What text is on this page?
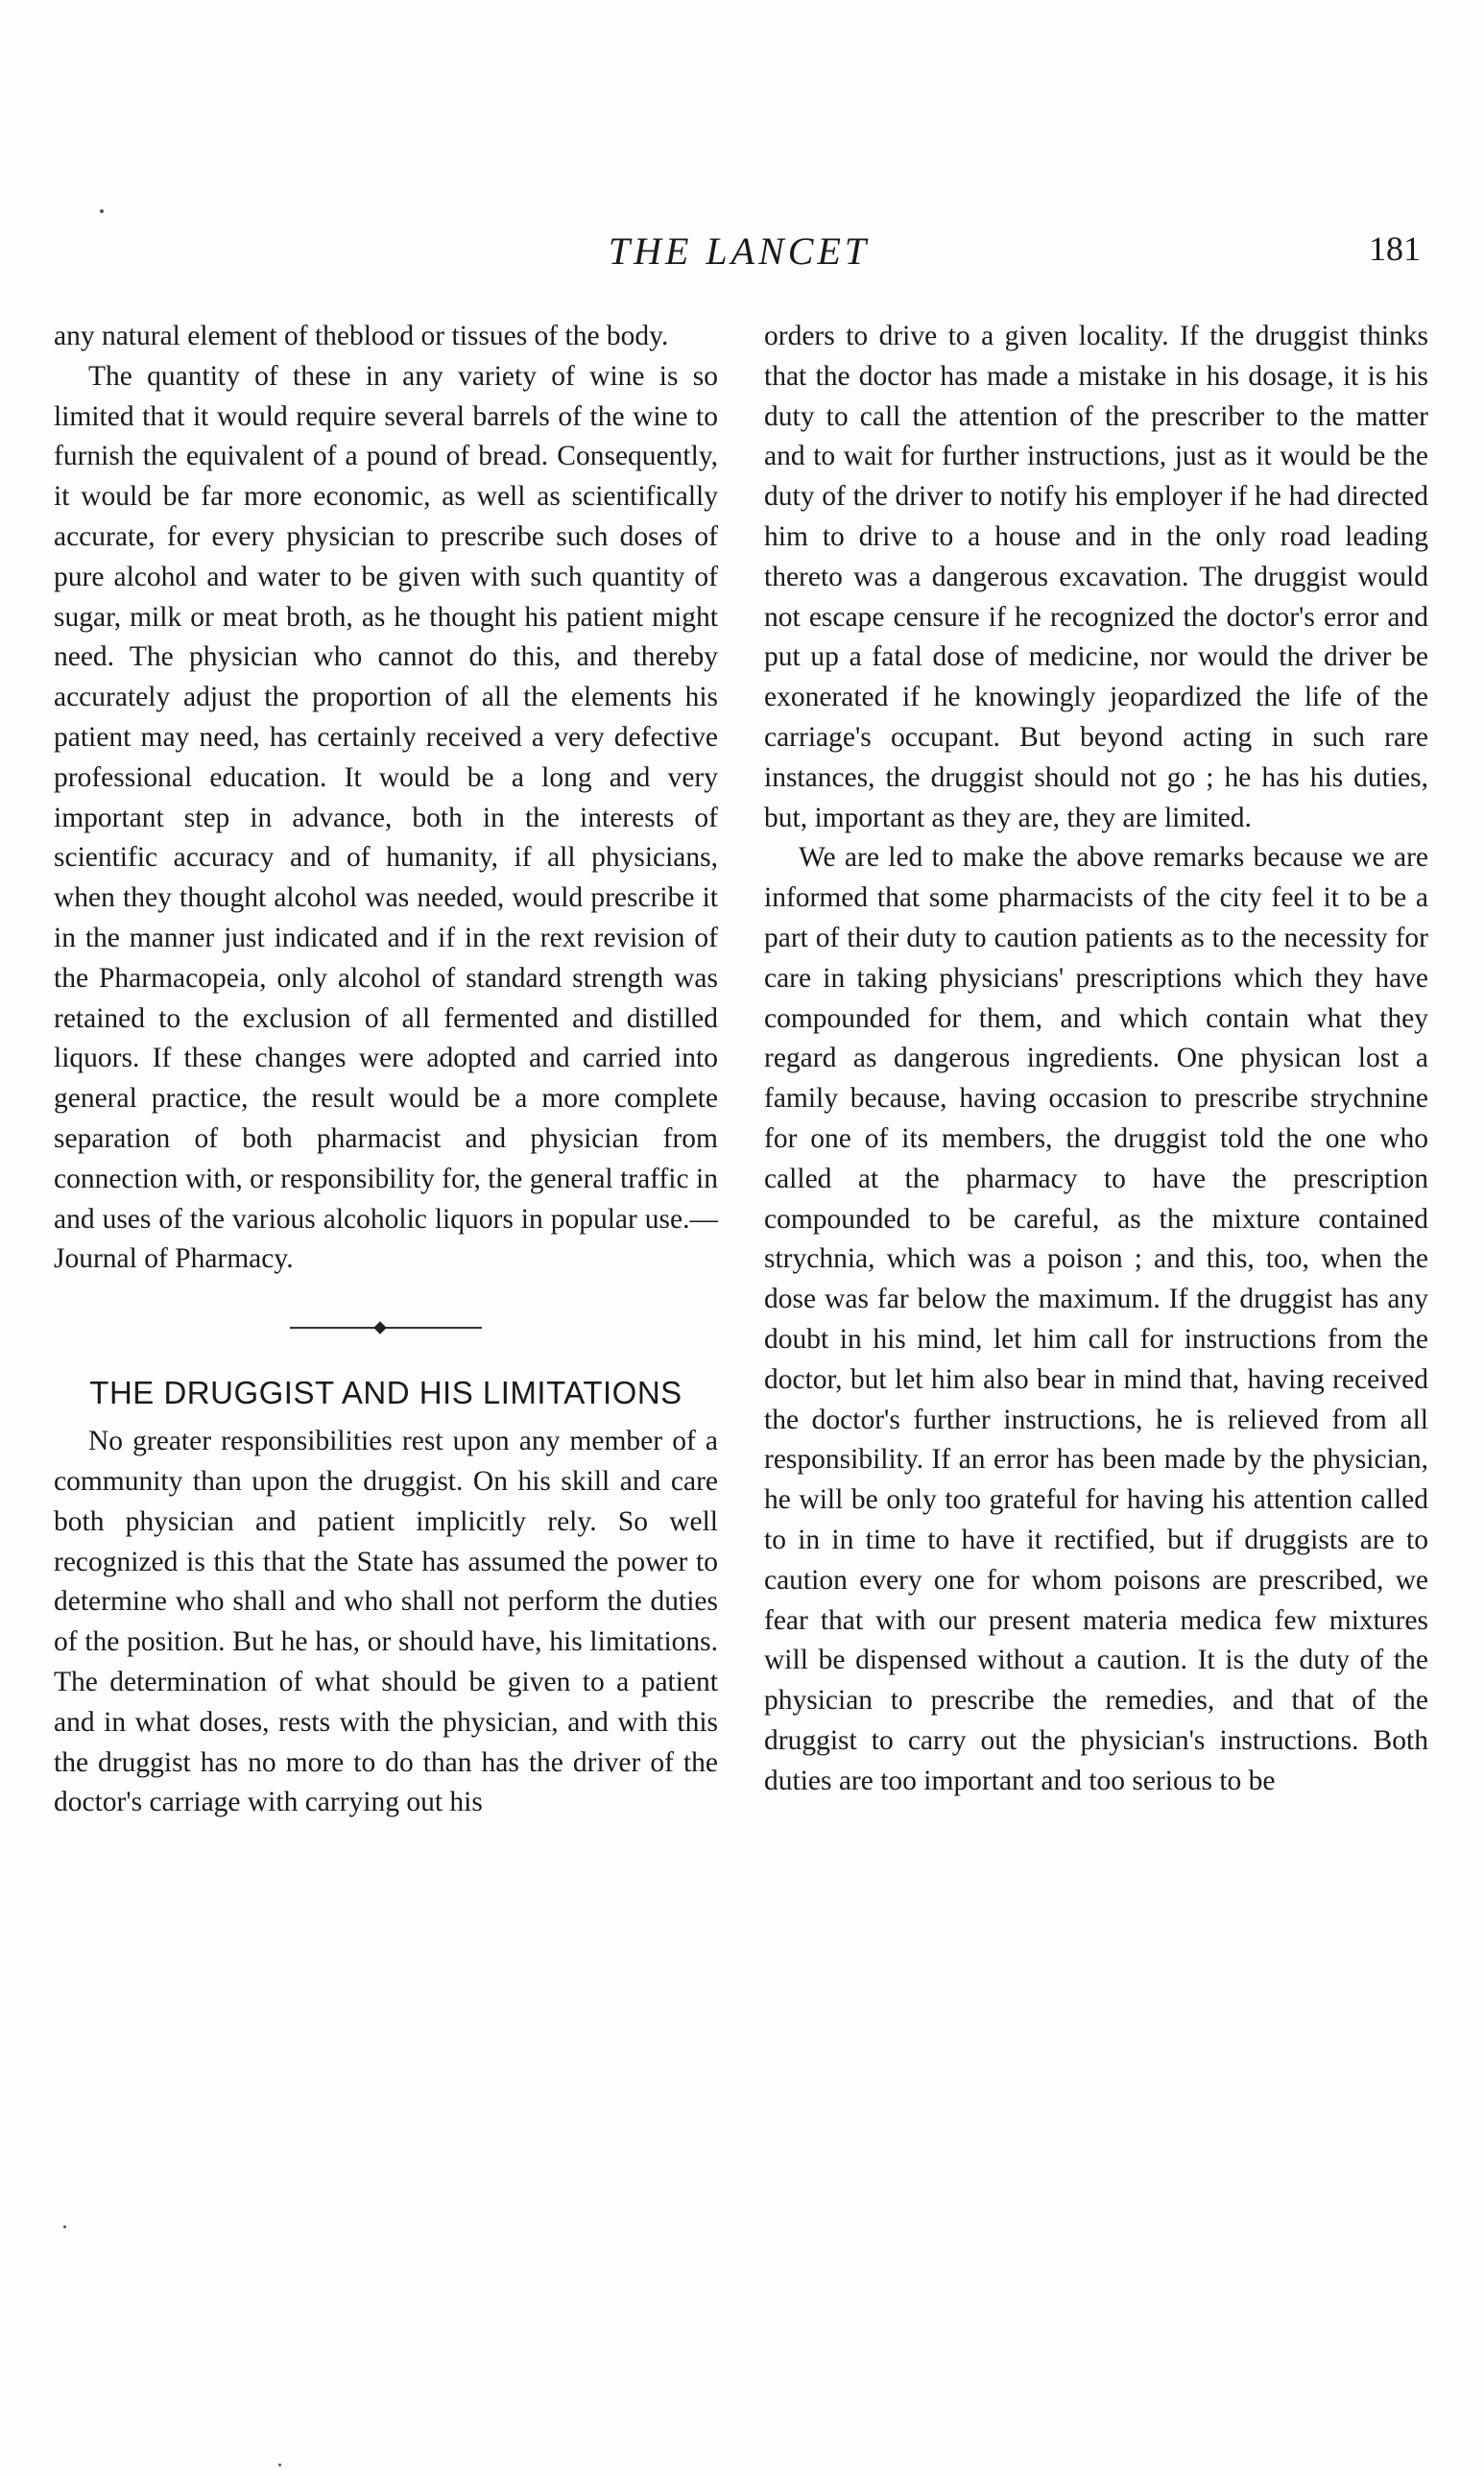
THE LANCET	181

any natural element of theblood or tissues of the body.

The quantity of these in any variety of wine is so limited that it would require several barrels of the wine to furnish the equivalent of a pound of bread. Consequently, it would be far more economic, as well as scientifically accurate, for every physician to prescribe such doses of pure alcohol and water to be given with such quantity of sugar, milk or meat broth, as he thought his patient might need. The physician who cannot do this, and thereby accurately adjust the proportion of all the elements his patient may need, has certainly received a very defective professional education. It would be a long and very important step in advance, both in the interests of scientific accuracy and of humanity, if all physicians, when they thought alcohol was needed, would prescribe it in the manner just indicated and if in the rext revision of the Pharmacopeia, only alcohol of standard strength was retained to the exclusion of all fermented and distilled liquors. If these changes were adopted and carried into general practice, the result would be a more complete separation of both pharmacist and physician from connection with, or responsibility for, the general traffic in and uses of the various alcoholic liquors in popular use.—Journal of Pharmacy.

THE DRUGGIST AND HIS LIMITATIONS

No greater responsibilities rest upon any member of a community than upon the druggist. On his skill and care both physician and patient implicitly rely. So well recognized is this that the State has assumed the power to determine who shall and who shall not perform the duties of the position. But he has, or should have, his limitations. The determination of what should be given to a patient and in what doses, rests with the physician, and with this the druggist has no more to do than has the driver of the doctor's carriage with carrying out his

orders to drive to a given locality. If the druggist thinks that the doctor has made a mistake in his dosage, it is his duty to call the attention of the prescriber to the matter and to wait for further instructions, just as it would be the duty of the driver to notify his employer if he had directed him to drive to a house and in the only road leading thereto was a dangerous excavation. The druggist would not escape censure if he recognized the doctor's error and put up a fatal dose of medicine, nor would the driver be exonerated if he knowingly jeopardized the life of the carriage's occupant. But beyond acting in such rare instances, the druggist should not go ; he has his duties, but, important as they are, they are limited.

We are led to make the above remarks because we are informed that some pharmacists of the city feel it to be a part of their duty to caution patients as to the necessity for care in taking physicians' prescriptions which they have compounded for them, and which contain what they regard as dangerous ingredients. One physican lost a family because, having occasion to prescribe strychnine for one of its members, the druggist told the one who called at the pharmacy to have the prescription compounded to be careful, as the mixture contained strychnia, which was a poison ; and this, too, when the dose was far below the maximum. If the druggist has any doubt in his mind, let him call for instructions from the doctor, but let him also bear in mind that, having received the doctor's further instructions, he is relieved from all responsibility. If an error has been made by the physician, he will be only too grateful for having his attention called to in in time to have it rectified, but if druggists are to caution every one for whom poisons are prescribed, we fear that with our present materia medica few mixtures will be dispensed without a caution. It is the duty of the physician to prescribe the remedies, and that of the druggist to carry out the physician's instructions. Both duties are too important and too serious to be
